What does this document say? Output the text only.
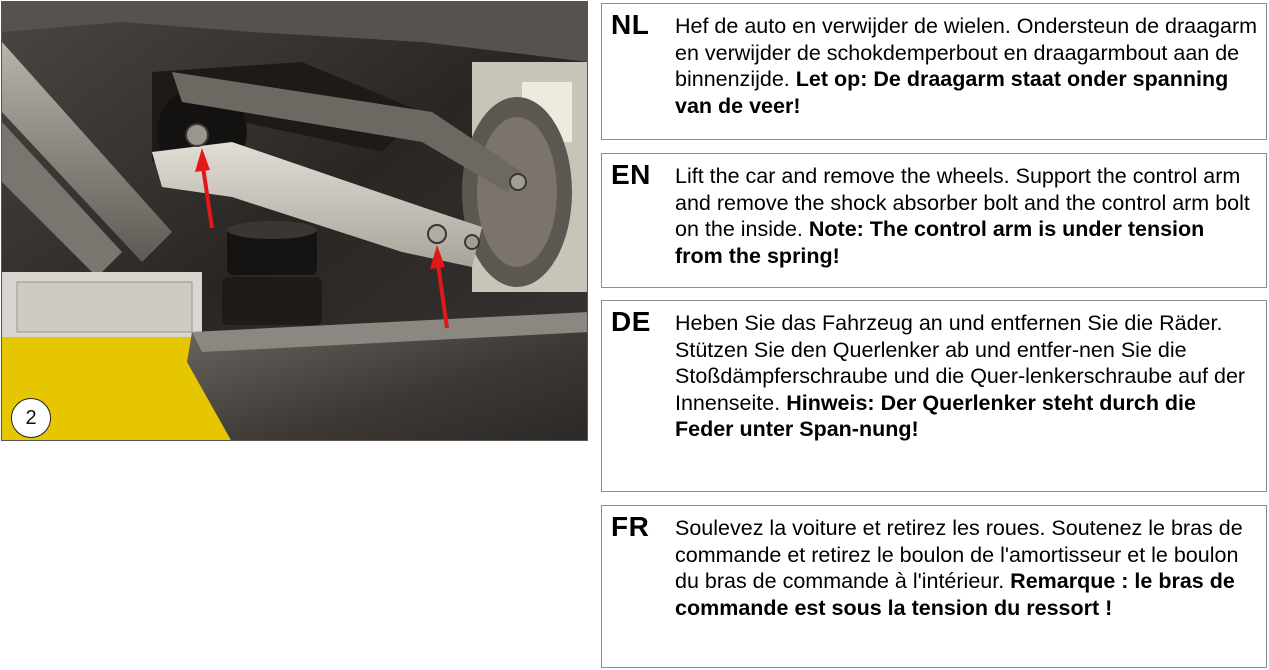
2
NL Hef de auto en verwijder de wielen. Ondersteun de draagarm en verwijder de schokdemperbout en draagarmbout aan de binnenzijde. Let op: De draagarm staat onder spanning van de veer!
EN Lift the car and remove the wheels. Support the control arm and remove the shock absorber bolt and the control arm bolt on the inside. Note: The control arm is under tension from the spring!
DE Heben Sie das Fahrzeug an und entfernen Sie die Räder. Stützen Sie den Querlenker ab und entfer-nen Sie die Stoßdämpferschraube und die Quer-lenkerschraube auf der Innenseite. Hinweis: Der Querlenker steht durch die Feder unter Span-nung!
FR Soulevez la voiture et retirez les roues. Soutenez le bras de commande et retirez le boulon de l'amortisseur et le boulon du bras de commande à l'intérieur. Remarque : le bras de commande est sous la tension du ressort !
